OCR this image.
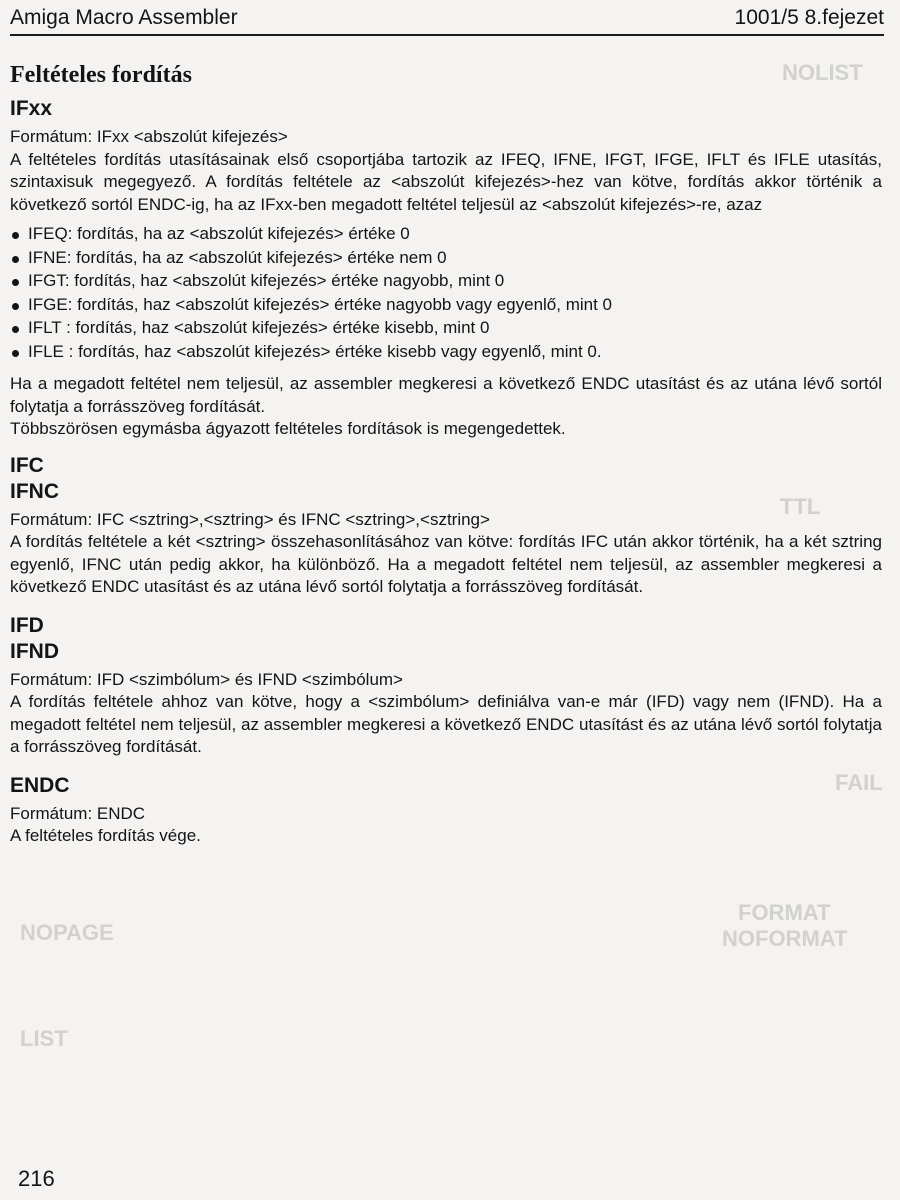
NOLIST
TTL
FORMAT
NOFORMAT
NOPAGE
LIST
FAIL
Amiga Macro Assembler	1001/5 8.fejezet
Feltételes fordítás
IFxx

Formátum: IFxx <abszolút kifejezés>

A feltételes fordítás utasításainak első csoportjába tartozik az IFEQ, IFNE, IFGT, IFGE, IFLT és IFLE utasítás, szintaxisuk megegyező. A fordítás feltétele az <abszolút kifejezés>-hez van kötve, fordítás akkor történik a következő sortól ENDC-ig, ha az IFxx-ben megadott feltétel teljesül az <abszolút kifejezés>-re, azaz

IFEQ: fordítás, ha az <abszolút kifejezés> értéke 0
IFNE: fordítás, ha az <abszolút kifejezés> értéke nem 0
IFGT: fordítás, haz <abszolút kifejezés> értéke nagyobb, mint 0
IFGE: fordítás, haz <abszolút kifejezés> értéke nagyobb vagy egyenlő, mint 0
IFLT : fordítás, haz <abszolút kifejezés> értéke kisebb, mint 0
IFLE : fordítás, haz <abszolút kifejezés> értéke kisebb vagy egyenlő, mint 0.

Ha a megadott feltétel nem teljesül, az assembler megkeresi a következő ENDC utasítást és az utána lévő sortól folytatja a forrásszöveg fordítását.

Többszörösen egymásba ágyazott feltételes fordítások is megengedettek.

IFC
IFNC

Formátum: IFC <sztring>,<sztring> és IFNC <sztring>,<sztring>

A fordítás feltétele a két <sztring> összehasonlításához van kötve: fordítás IFC után akkor történik, ha a két sztring egyenlő, IFNC után pedig akkor, ha különböző. Ha a megadott feltétel nem teljesül, az assembler megkeresi a következő ENDC utasítást és az utána lévő sortól folytatja a forrásszöveg fordítását.

IFD
IFND

Formátum: IFD <szimbólum> és IFND <szimbólum>

A fordítás feltétele ahhoz van kötve, hogy a <szimbólum> definiálva van-e már (IFD) vagy nem (IFND). Ha a megadott feltétel nem teljesül, az assembler megkeresi a következő ENDC utasítást és az utána lévő sortól folytatja a forrásszöveg fordítását.

ENDC

Formátum: ENDC

A feltételes fordítás vége.

216
